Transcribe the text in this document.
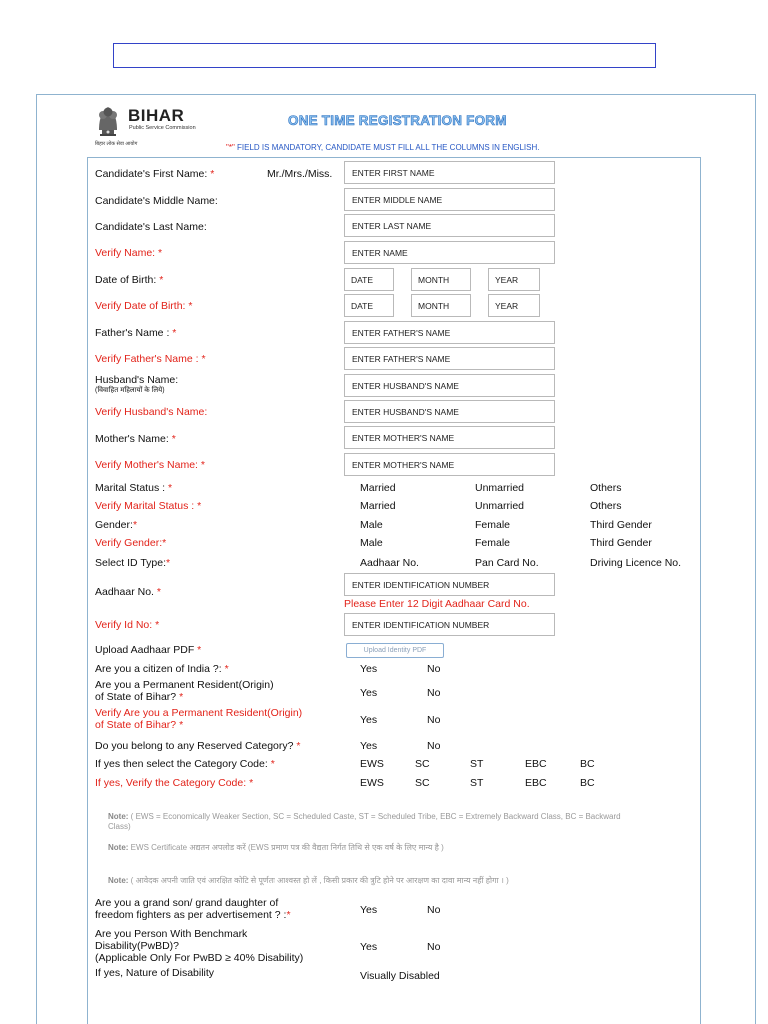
BIHAR
Public Service Commission
बिहार लोक सेवा आयोग
ONE TIME REGISTRATION FORM
"*" FIELD IS MANDATORY, CANDIDATE MUST FILL ALL THE COLUMNS IN ENGLISH.
Candidate's First Name: *	Mr./Mrs./Miss.	ENTER FIRST NAME
Candidate's Middle Name:	ENTER MIDDLE NAME
Candidate's Last Name:	ENTER LAST NAME
Verify Name: *	ENTER NAME
Date of Birth: *	DATE	MONTH	YEAR
Verify Date of Birth: *	DATE	MONTH	YEAR
Father's Name : *	ENTER FATHER'S NAME
Verify Father's Name : *	ENTER FATHER'S NAME
Husband's Name:
(विवाहित महिलायों के लिये)	ENTER HUSBAND'S NAME
Verify Husband's Name:	ENTER HUSBAND'S NAME
Mother's Name: *	ENTER MOTHER'S NAME
Verify Mother's Name: *	ENTER MOTHER'S NAME
Marital Status : *	Married	Unmarried	Others
Verify Marital Status : *	Married	Unmarried	Others
Gender:*	Male	Female	Third Gender
Verify Gender:*	Male	Female	Third Gender
Select ID Type:*	Aadhaar No.	Pan Card No.	Driving Licence No.
Aadhaar No. *
ENTER IDENTIFICATION NUMBER
Please Enter 12 Digit Aadhaar Card No.
Verify Id No: *	ENTER IDENTIFICATION NUMBER
Upload Aadhaar PDF *	Upload Identity PDF
Are you a citizen of India ?: *	Yes	No
Are you a Permanent Resident(Origin)
of State of Bihar? *	Yes	No
Verify Are you a Permanent Resident(Origin)
of State of Bihar? *	Yes	No
Do you belong to any Reserved Category? *	Yes	No
If yes then select the Category Code: *	EWS	SC	ST	EBC	BC
If yes, Verify the Category Code: *	EWS	SC	ST	EBC	BC
Note: ( EWS = Economically Weaker Section, SC = Scheduled Caste, ST = Scheduled Tribe, EBC = Extremely Backward Class, BC = Backward
Class)
Note: EWS Certificate अद्यतन अपलोड करें (EWS प्रमाण पत्र की वैद्यता निर्गत तिथि से एक वर्ष के लिए मान्य है )
Note: ( आवेदक अपनी जाति एवं आरक्षित कोटि से पूर्णतः आश्वस्त हो लें , किसी प्रकार की त्रुटि होने पर आरक्षण का दावा मान्य नहीं होगा । )
Are you a grand son/ grand daughter of
freedom fighters as per advertisement ? :*	Yes	No
Are you Person With Benchmark
Disability(PwBD)?
(Applicable Only For PwBD ≥ 40% Disability)
Yes	No
If yes, Nature of Disability	Visually Disabled
